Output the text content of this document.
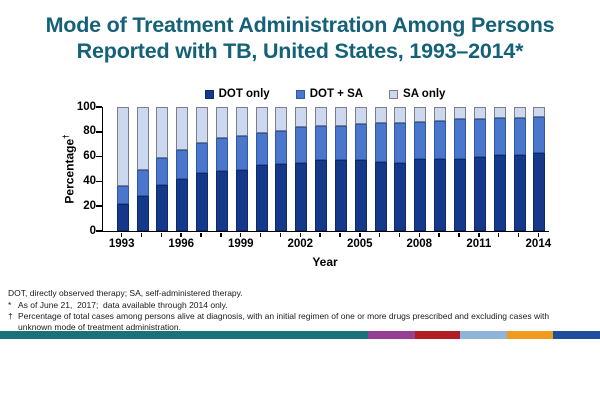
Mode of Treatment Administration Among Persons Reported with TB, United States, 1993–2014*
DOT only	DOT + SA	SA only
Percentage†
0
20
40
60
80
100
1993	1996	1999	2002	2005	2008	2011	2014
Year
DOT, directly observed therapy; SA, self-administered therapy.
* As of June 21,  2017;  data available through 2014 only.
† Percentage of total cases among persons alive at diagnosis, with an initial regimen of one or more drugs prescribed and excluding cases with unknown mode of treatment administration.
